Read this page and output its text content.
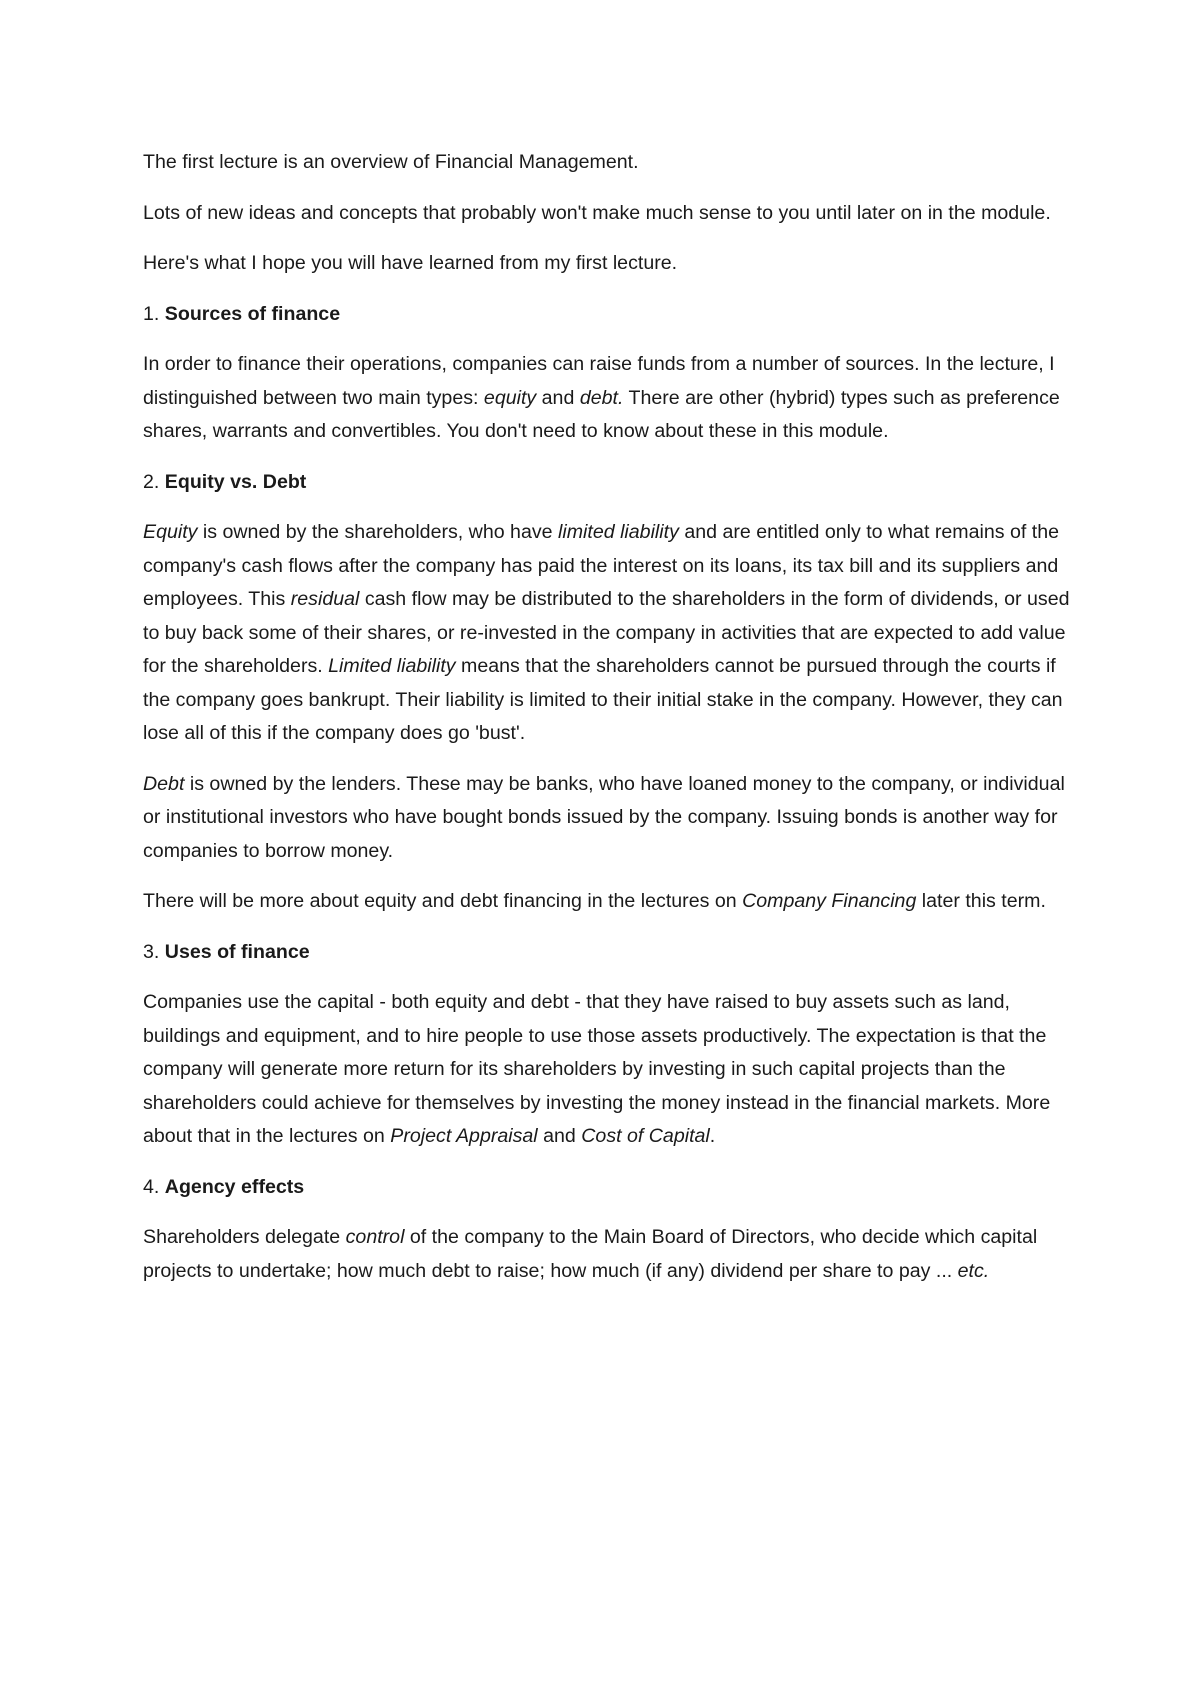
The first lecture is an overview of Financial Management.

Lots of new ideas and concepts that probably won't make much sense to you until later on in the module.

Here's what I hope you will have learned from my first lecture.

1. Sources of finance

In order to finance their operations, companies can raise funds from a number of sources. In the lecture, I distinguished between two main types: equity and debt. There are other (hybrid) types such as preference shares, warrants and convertibles. You don't need to know about these in this module.

2. Equity vs. Debt

Equity is owned by the shareholders, who have limited liability and are entitled only to what remains of the company's cash flows after the company has paid the interest on its loans, its tax bill and its suppliers and employees. This residual cash flow may be distributed to the shareholders in the form of dividends, or used to buy back some of their shares, or re-invested in the company in activities that are expected to add value for the shareholders. Limited liability means that the shareholders cannot be pursued through the courts if the company goes bankrupt. Their liability is limited to their initial stake in the company. However, they can lose all of this if the company does go 'bust'.

Debt is owned by the lenders. These may be banks, who have loaned money to the company, or individual or institutional investors who have bought bonds issued by the company. Issuing bonds is another way for companies to borrow money.

There will be more about equity and debt financing in the lectures on Company Financing later this term.

3. Uses of finance

Companies use the capital - both equity and debt - that they have raised to buy assets such as land, buildings and equipment, and to hire people to use those assets productively. The expectation is that the company will generate more return for its shareholders by investing in such capital projects than the shareholders could achieve for themselves by investing the money instead in the financial markets. More about that in the lectures on Project Appraisal and Cost of Capital.

4. Agency effects

Shareholders delegate control of the company to the Main Board of Directors, who decide which capital projects to undertake; how much debt to raise; how much (if any) dividend per share to pay ... etc.
